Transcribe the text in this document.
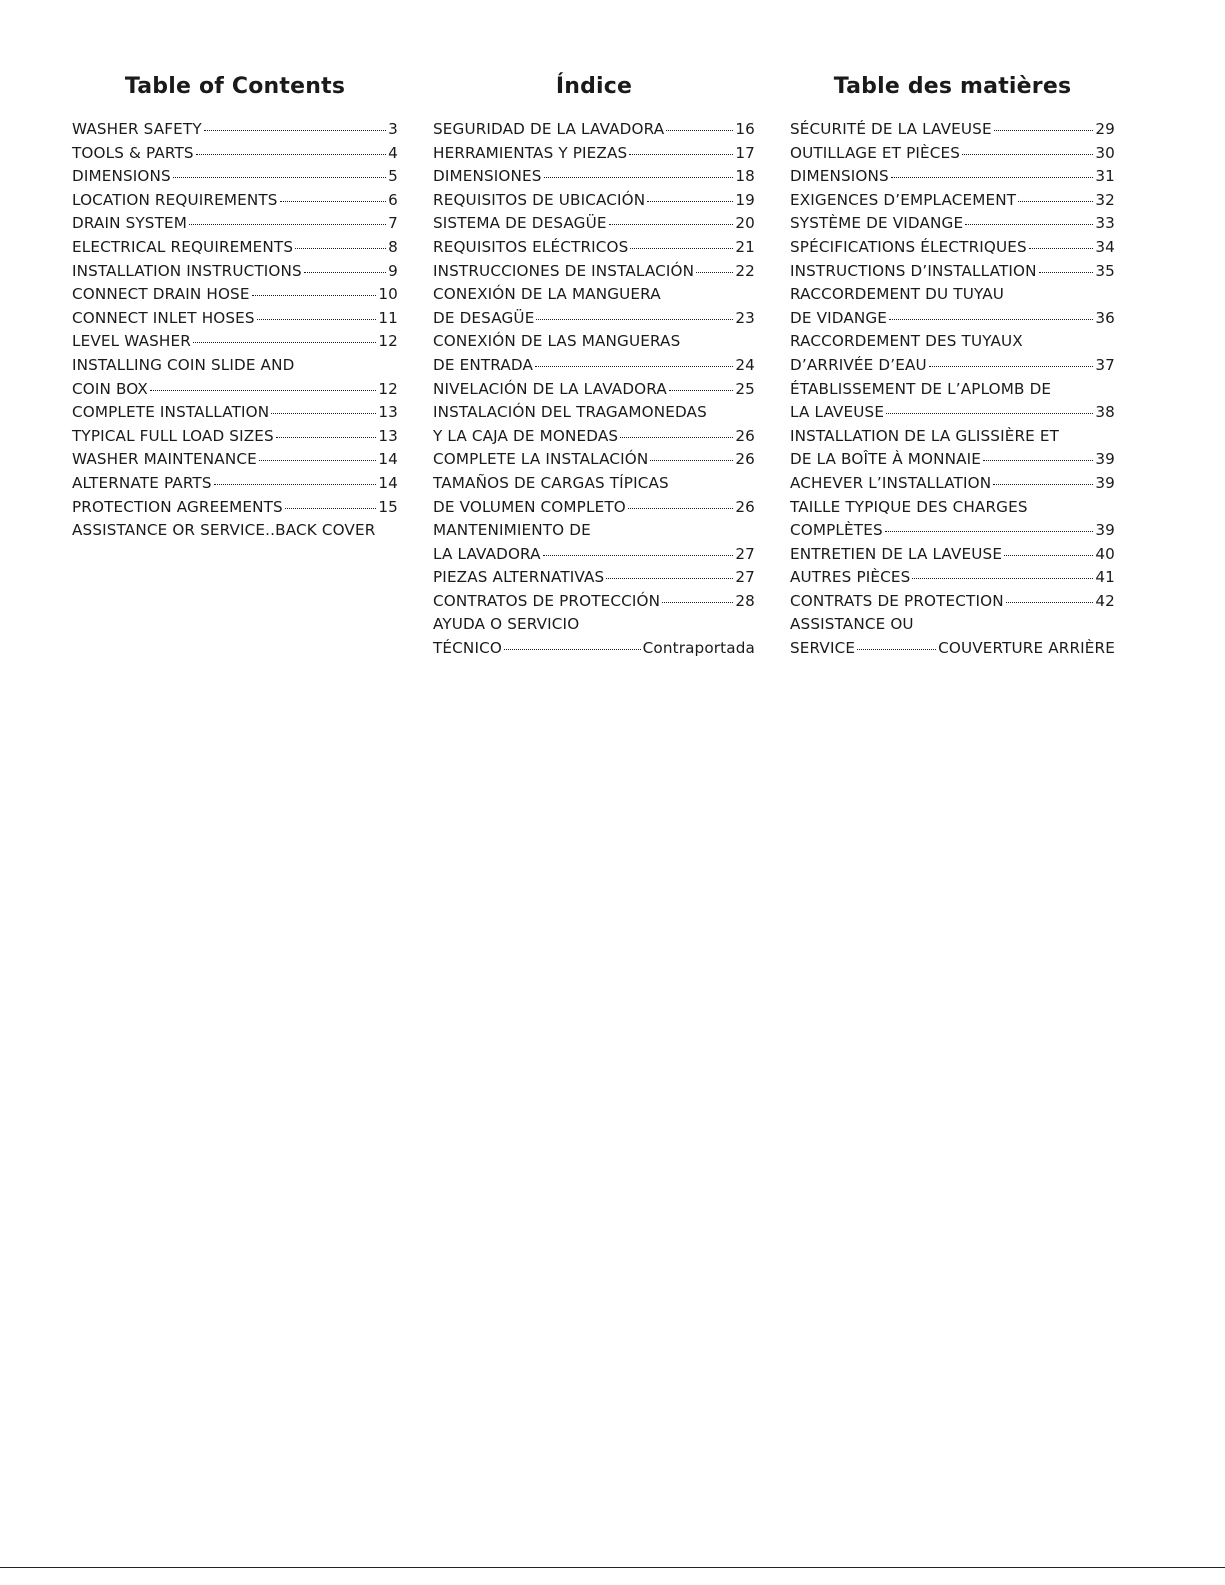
Table of Contents
WASHER SAFETY	3
TOOLS & PARTS	4
DIMENSIONS	5
LOCATION REQUIREMENTS	6
DRAIN SYSTEM	7
ELECTRICAL REQUIREMENTS	8
INSTALLATION INSTRUCTIONS	9
CONNECT DRAIN HOSE	10
CONNECT INLET HOSES	11
LEVEL WASHER	12
INSTALLING COIN SLIDE AND
COIN BOX	12
COMPLETE INSTALLATION	13
TYPICAL FULL LOAD SIZES	13
WASHER MAINTENANCE	14
ALTERNATE PARTS	14
PROTECTION AGREEMENTS	15
ASSISTANCE OR SERVICE..BACK COVER
Índice
SEGURIDAD DE LA LAVADORA	16
HERRAMIENTAS Y PIEZAS	17
DIMENSIONES	18
REQUISITOS DE UBICACIÓN	19
SISTEMA DE DESAGÜE	20
REQUISITOS ELÉCTRICOS	21
INSTRUCCIONES DE INSTALACIÓN	22
CONEXIÓN DE LA MANGUERA
DE DESAGÜE	23
CONEXIÓN DE LAS MANGUERAS
DE ENTRADA	24
NIVELACIÓN DE LA LAVADORA	25
INSTALACIÓN DEL TRAGAMONEDAS
Y LA CAJA DE MONEDAS	26
COMPLETE LA INSTALACIÓN	26
TAMAÑOS DE CARGAS TÍPICAS
DE VOLUMEN COMPLETO	26
MANTENIMIENTO DE
LA LAVADORA	27
PIEZAS ALTERNATIVAS	27
CONTRATOS DE PROTECCIÓN	28
AYUDA O SERVICIO
TÉCNICO	Contraportada
Table des matières
SÉCURITÉ DE LA LAVEUSE	29
OUTILLAGE ET PIÈCES	30
DIMENSIONS	31
EXIGENCES D’EMPLACEMENT	32
SYSTÈME DE VIDANGE	33
SPÉCIFICATIONS ÉLECTRIQUES	34
INSTRUCTIONS D’INSTALLATION	35
RACCORDEMENT DU TUYAU
DE VIDANGE	36
RACCORDEMENT DES TUYAUX
D’ARRIVÉE D’EAU	37
ÉTABLISSEMENT DE L’APLOMB DE
LA LAVEUSE	38
INSTALLATION DE LA GLISSIÈRE ET
DE LA BOÎTE À MONNAIE	39
ACHEVER L’INSTALLATION	39
TAILLE TYPIQUE DES CHARGES
COMPLÈTES	39
ENTRETIEN DE LA LAVEUSE	40
AUTRES PIÈCES	41
CONTRATS DE PROTECTION	42
ASSISTANCE OU
SERVICE	COUVERTURE ARRIÈRE
